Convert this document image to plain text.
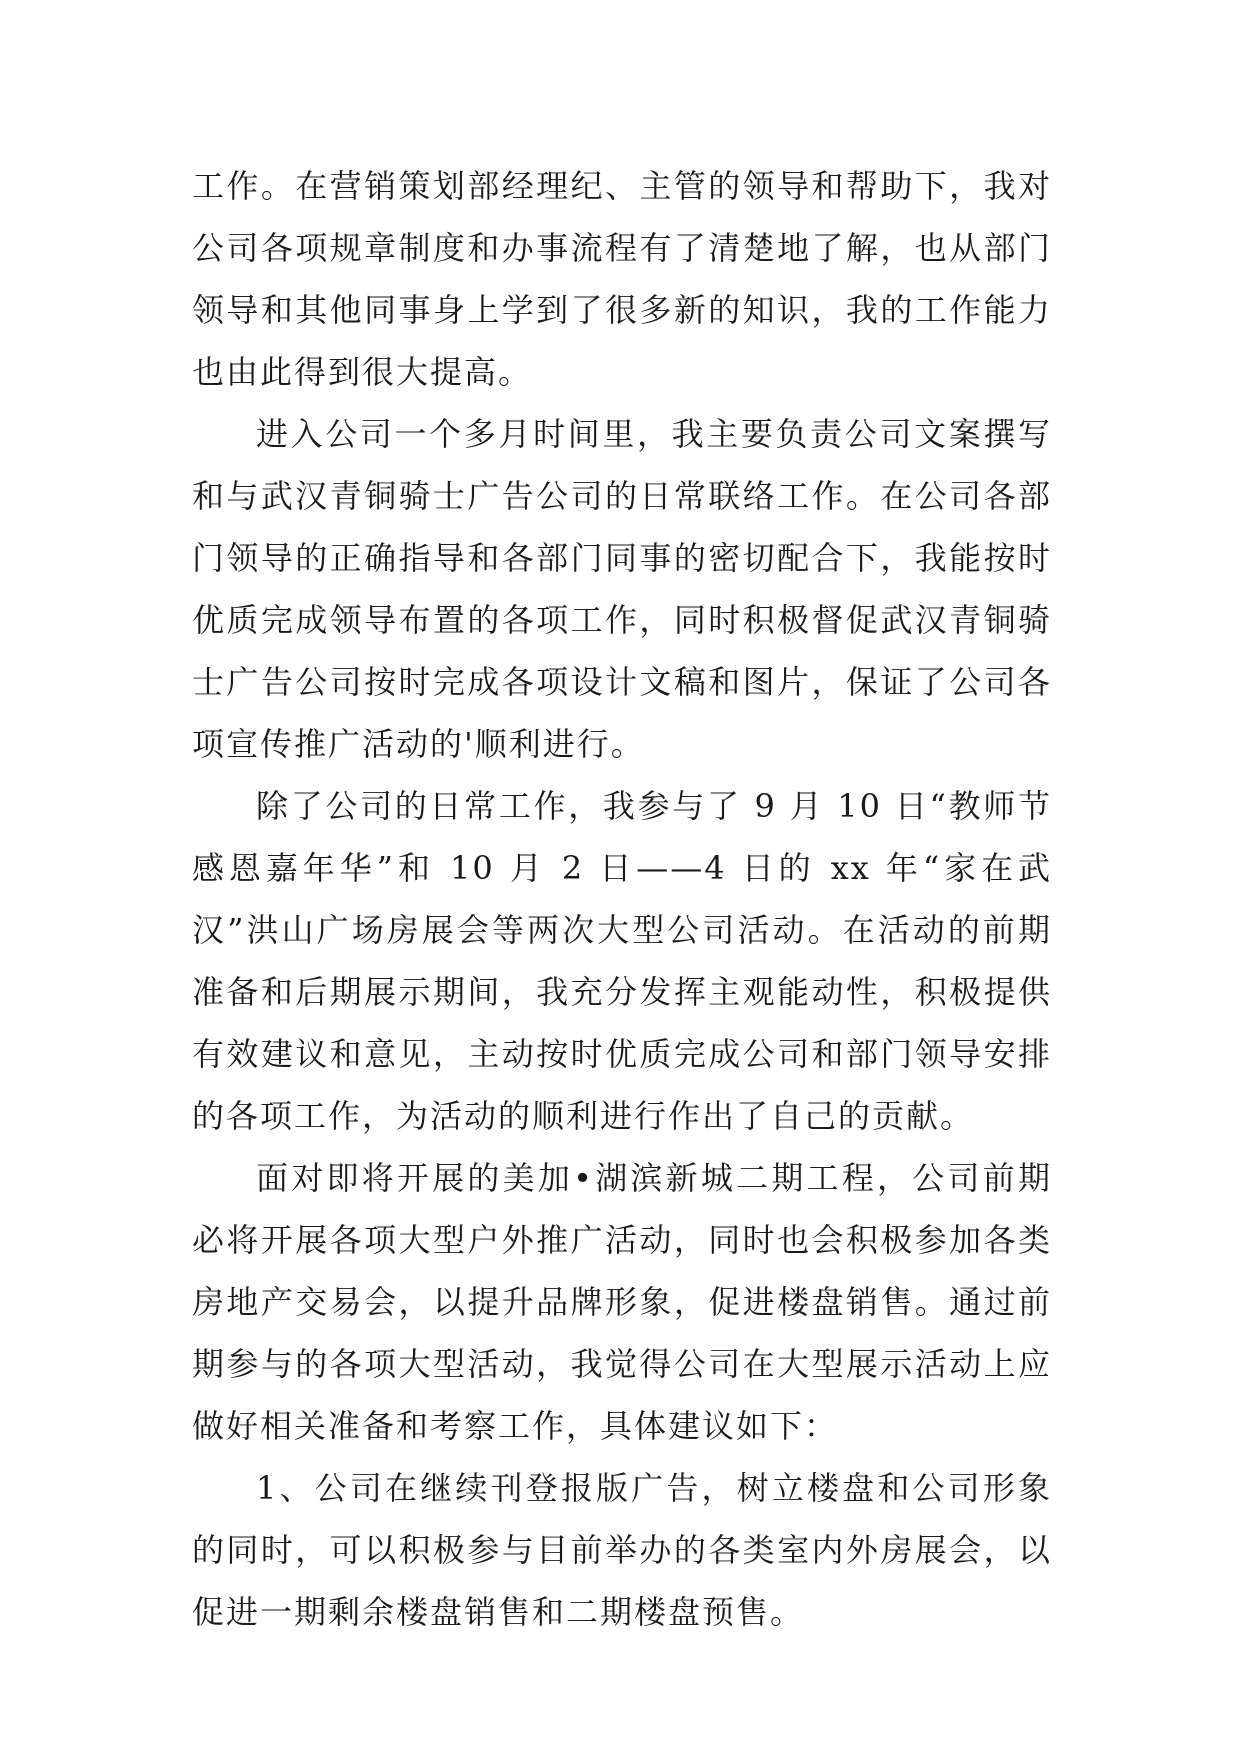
工作。在营销策划部经理纪、主管的领导和帮助下，我对公司各项规章制度和办事流程有了清楚地了解，也从部门领导和其他同事身上学到了很多新的知识，我的工作能力也由此得到很大提高。

进入公司一个多月时间里，我主要负责公司文案撰写和与武汉青铜骑士广告公司的日常联络工作。在公司各部门领导的正确指导和各部门同事的密切配合下，我能按时优质完成领导布置的各项工作，同时积极督促武汉青铜骑士广告公司按时完成各项设计文稿和图片，保证了公司各项宣传推广活动的'顺利进行。

除了公司的日常工作，我参与了 9 月 10 日“教师节感恩嘉年华”和 10 月 2 日——4 日的 xx 年“家在武汉”洪山广场房展会等两次大型公司活动。在活动的前期准备和后期展示期间，我充分发挥主观能动性，积极提供有效建议和意见，主动按时优质完成公司和部门领导安排的各项工作，为活动的顺利进行作出了自己的贡献。

面对即将开展的美加•湖滨新城二期工程，公司前期必将开展各项大型户外推广活动，同时也会积极参加各类房地产交易会，以提升品牌形象，促进楼盘销售。通过前期参与的各项大型活动，我觉得公司在大型展示活动上应做好相关准备和考察工作，具体建议如下：

1、公司在继续刊登报版广告，树立楼盘和公司形象的同时，可以积极参与目前举办的各类室内外房展会，以促进一期剩余楼盘销售和二期楼盘预售。
